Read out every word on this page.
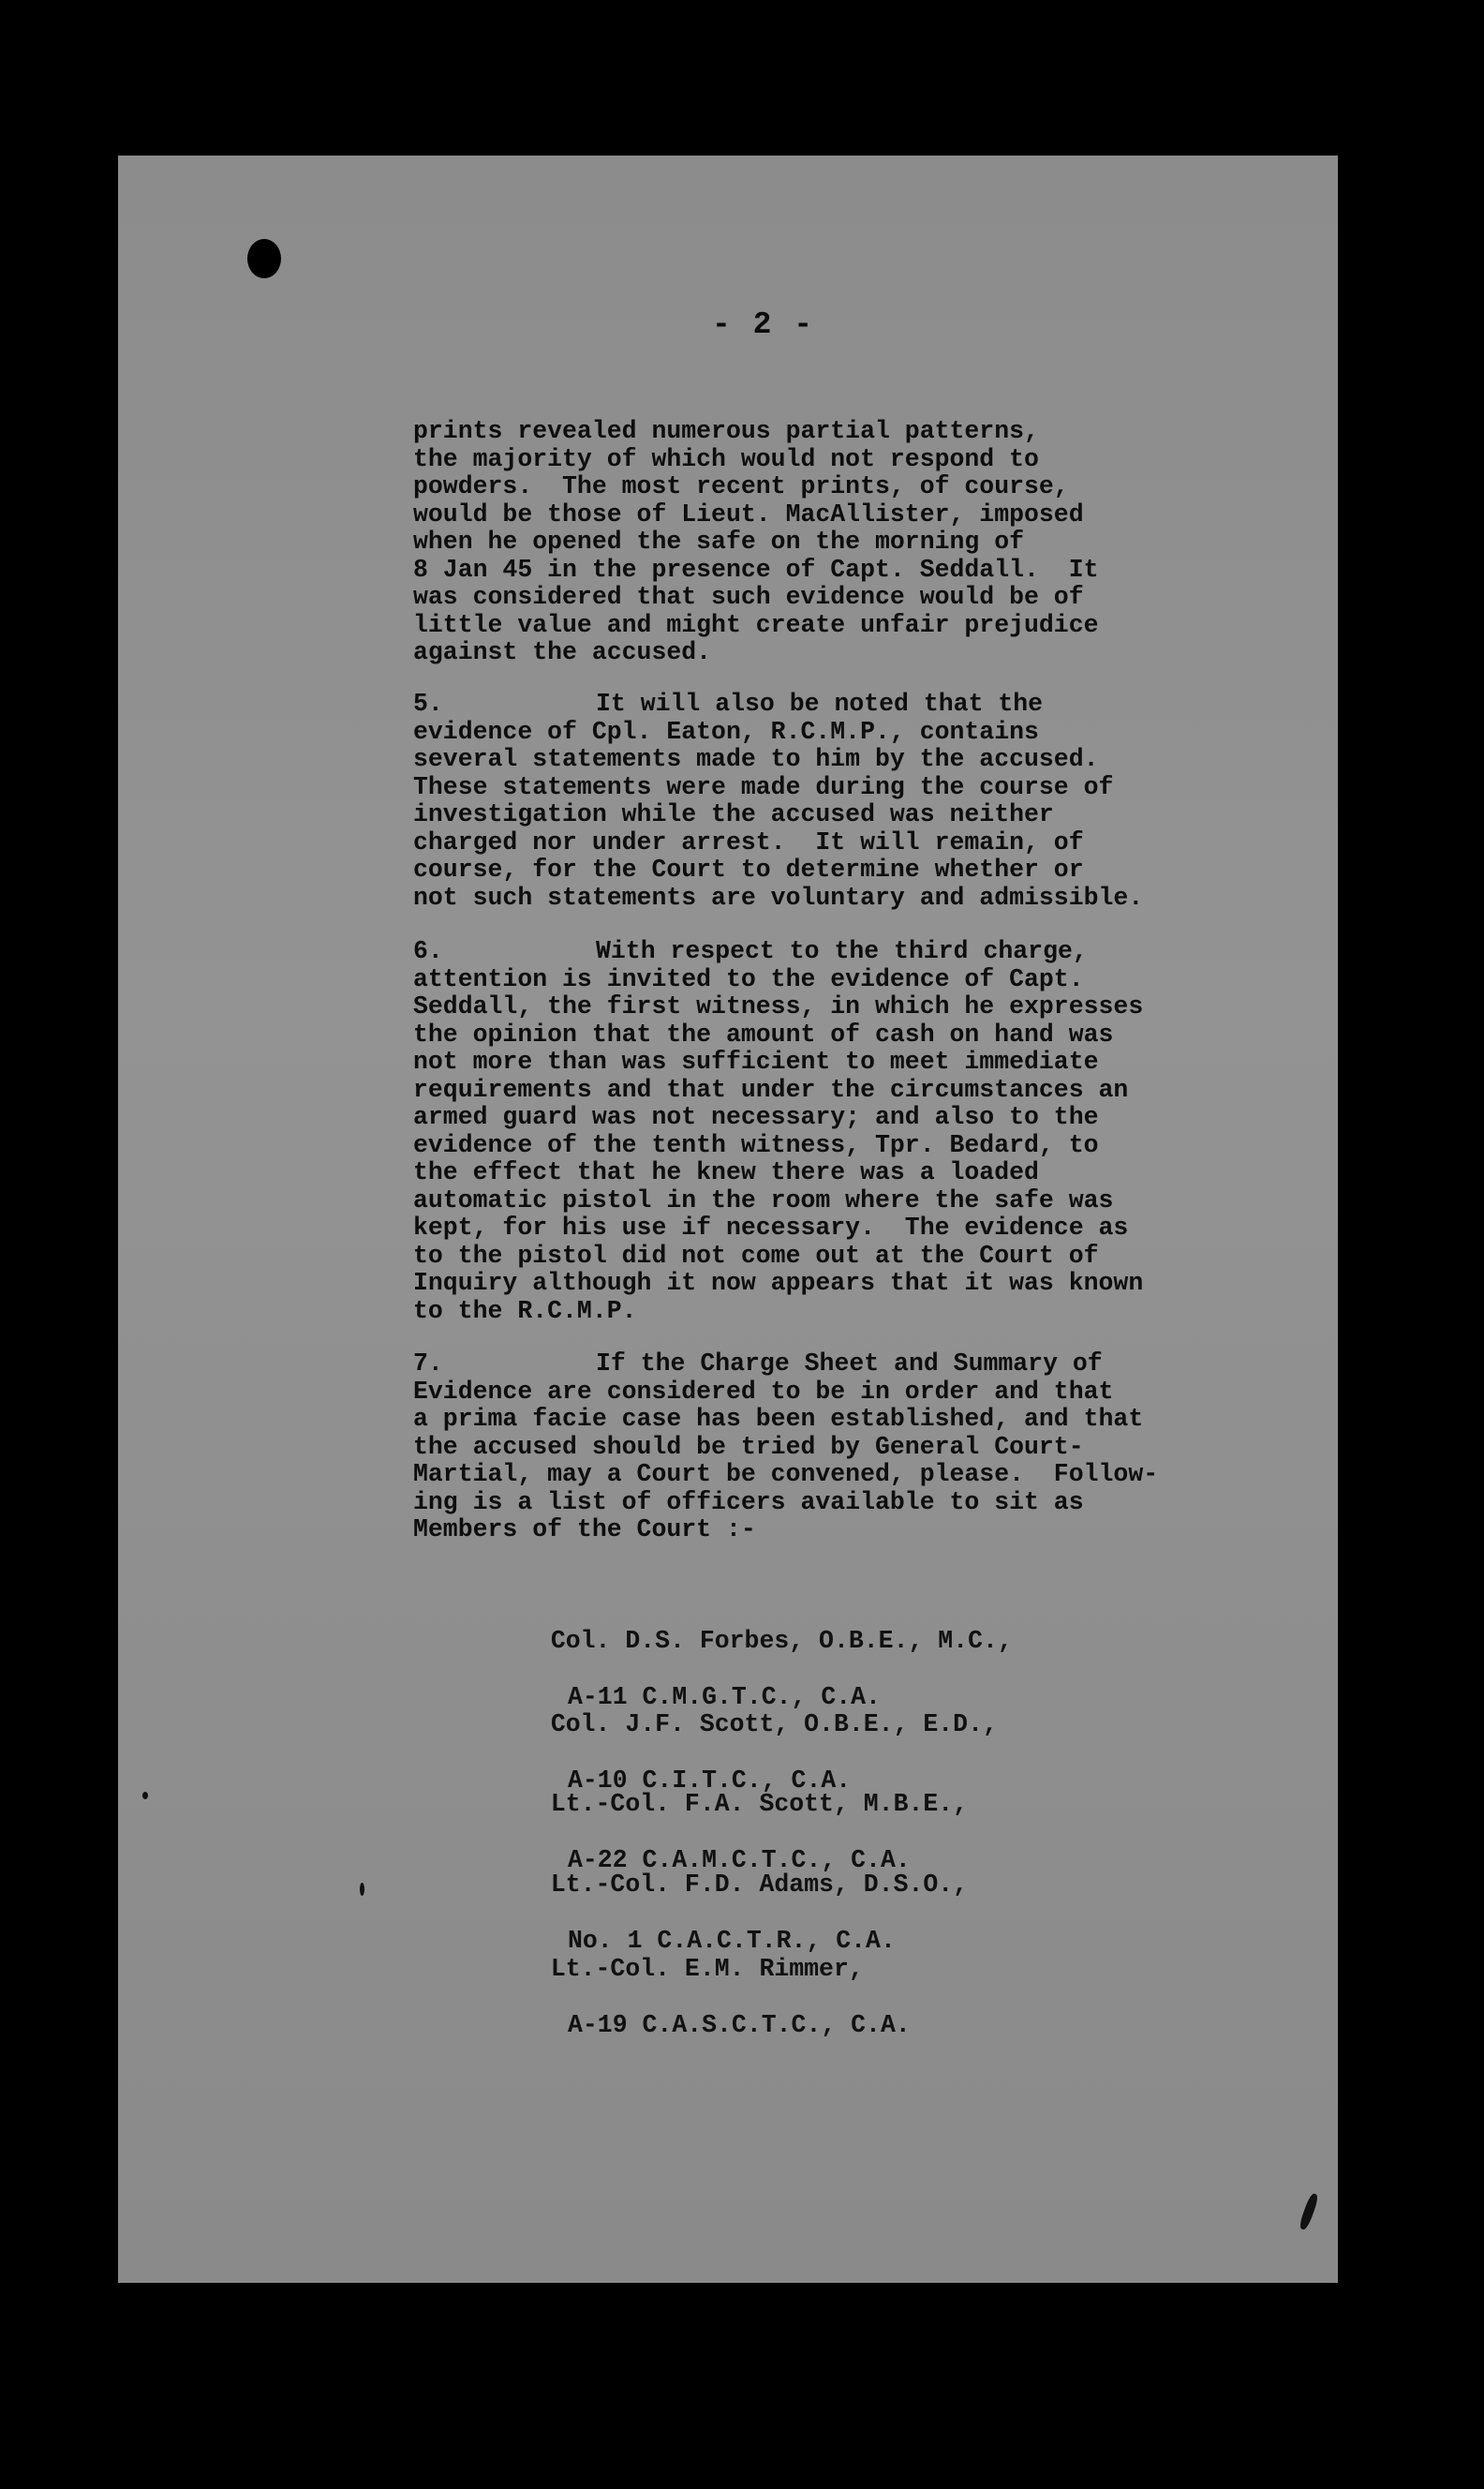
- 2 -
prints revealed numerous partial patterns,
the majority of which would not respond to
powders.  The most recent prints, of course,
would be those of Lieut. MacAllister, imposed
when he opened the safe on the morning of
8 Jan 45 in the presence of Capt. Seddall.  It
was considered that such evidence would be of
little value and might create unfair prejudice
against the accused.
5.	It will also be noted that the
evidence of Cpl. Eaton, R.C.M.P., contains
several statements made to him by the accused.
These statements were made during the course of
investigation while the accused was neither
charged nor under arrest.  It will remain, of
course, for the Court to determine whether or
not such statements are voluntary and admissible.
6.	With respect to the third charge,
attention is invited to the evidence of Capt.
Seddall, the first witness, in which he expresses
the opinion that the amount of cash on hand was
not more than was sufficient to meet immediate
requirements and that under the circumstances an
armed guard was not necessary; and also to the
evidence of the tenth witness, Tpr. Bedard, to
the effect that he knew there was a loaded
automatic pistol in the room where the safe was
kept, for his use if necessary.  The evidence as
to the pistol did not come out at the Court of
Inquiry although it now appears that it was known
to the R.C.M.P.
7.	If the Charge Sheet and Summary of
Evidence are considered to be in order and that
a prima facie case has been established, and that
the accused should be tried by General Court-
Martial, may a Court be convened, please.  Follow-
ing is a list of officers available to sit as
Members of the Court :-

Col. D.S. Forbes, O.B.E., M.C.,

A-11 C.M.G.T.C., C.A.

Col. J.F. Scott, O.B.E., E.D.,

A-10 C.I.T.C., C.A.

Lt.-Col. F.A. Scott, M.B.E.,

A-22 C.A.M.C.T.C., C.A.

Lt.-Col. F.D. Adams, D.S.O.,

No. 1 C.A.C.T.R., C.A.

Lt.-Col. E.M. Rimmer,

A-19 C.A.S.C.T.C., C.A.
